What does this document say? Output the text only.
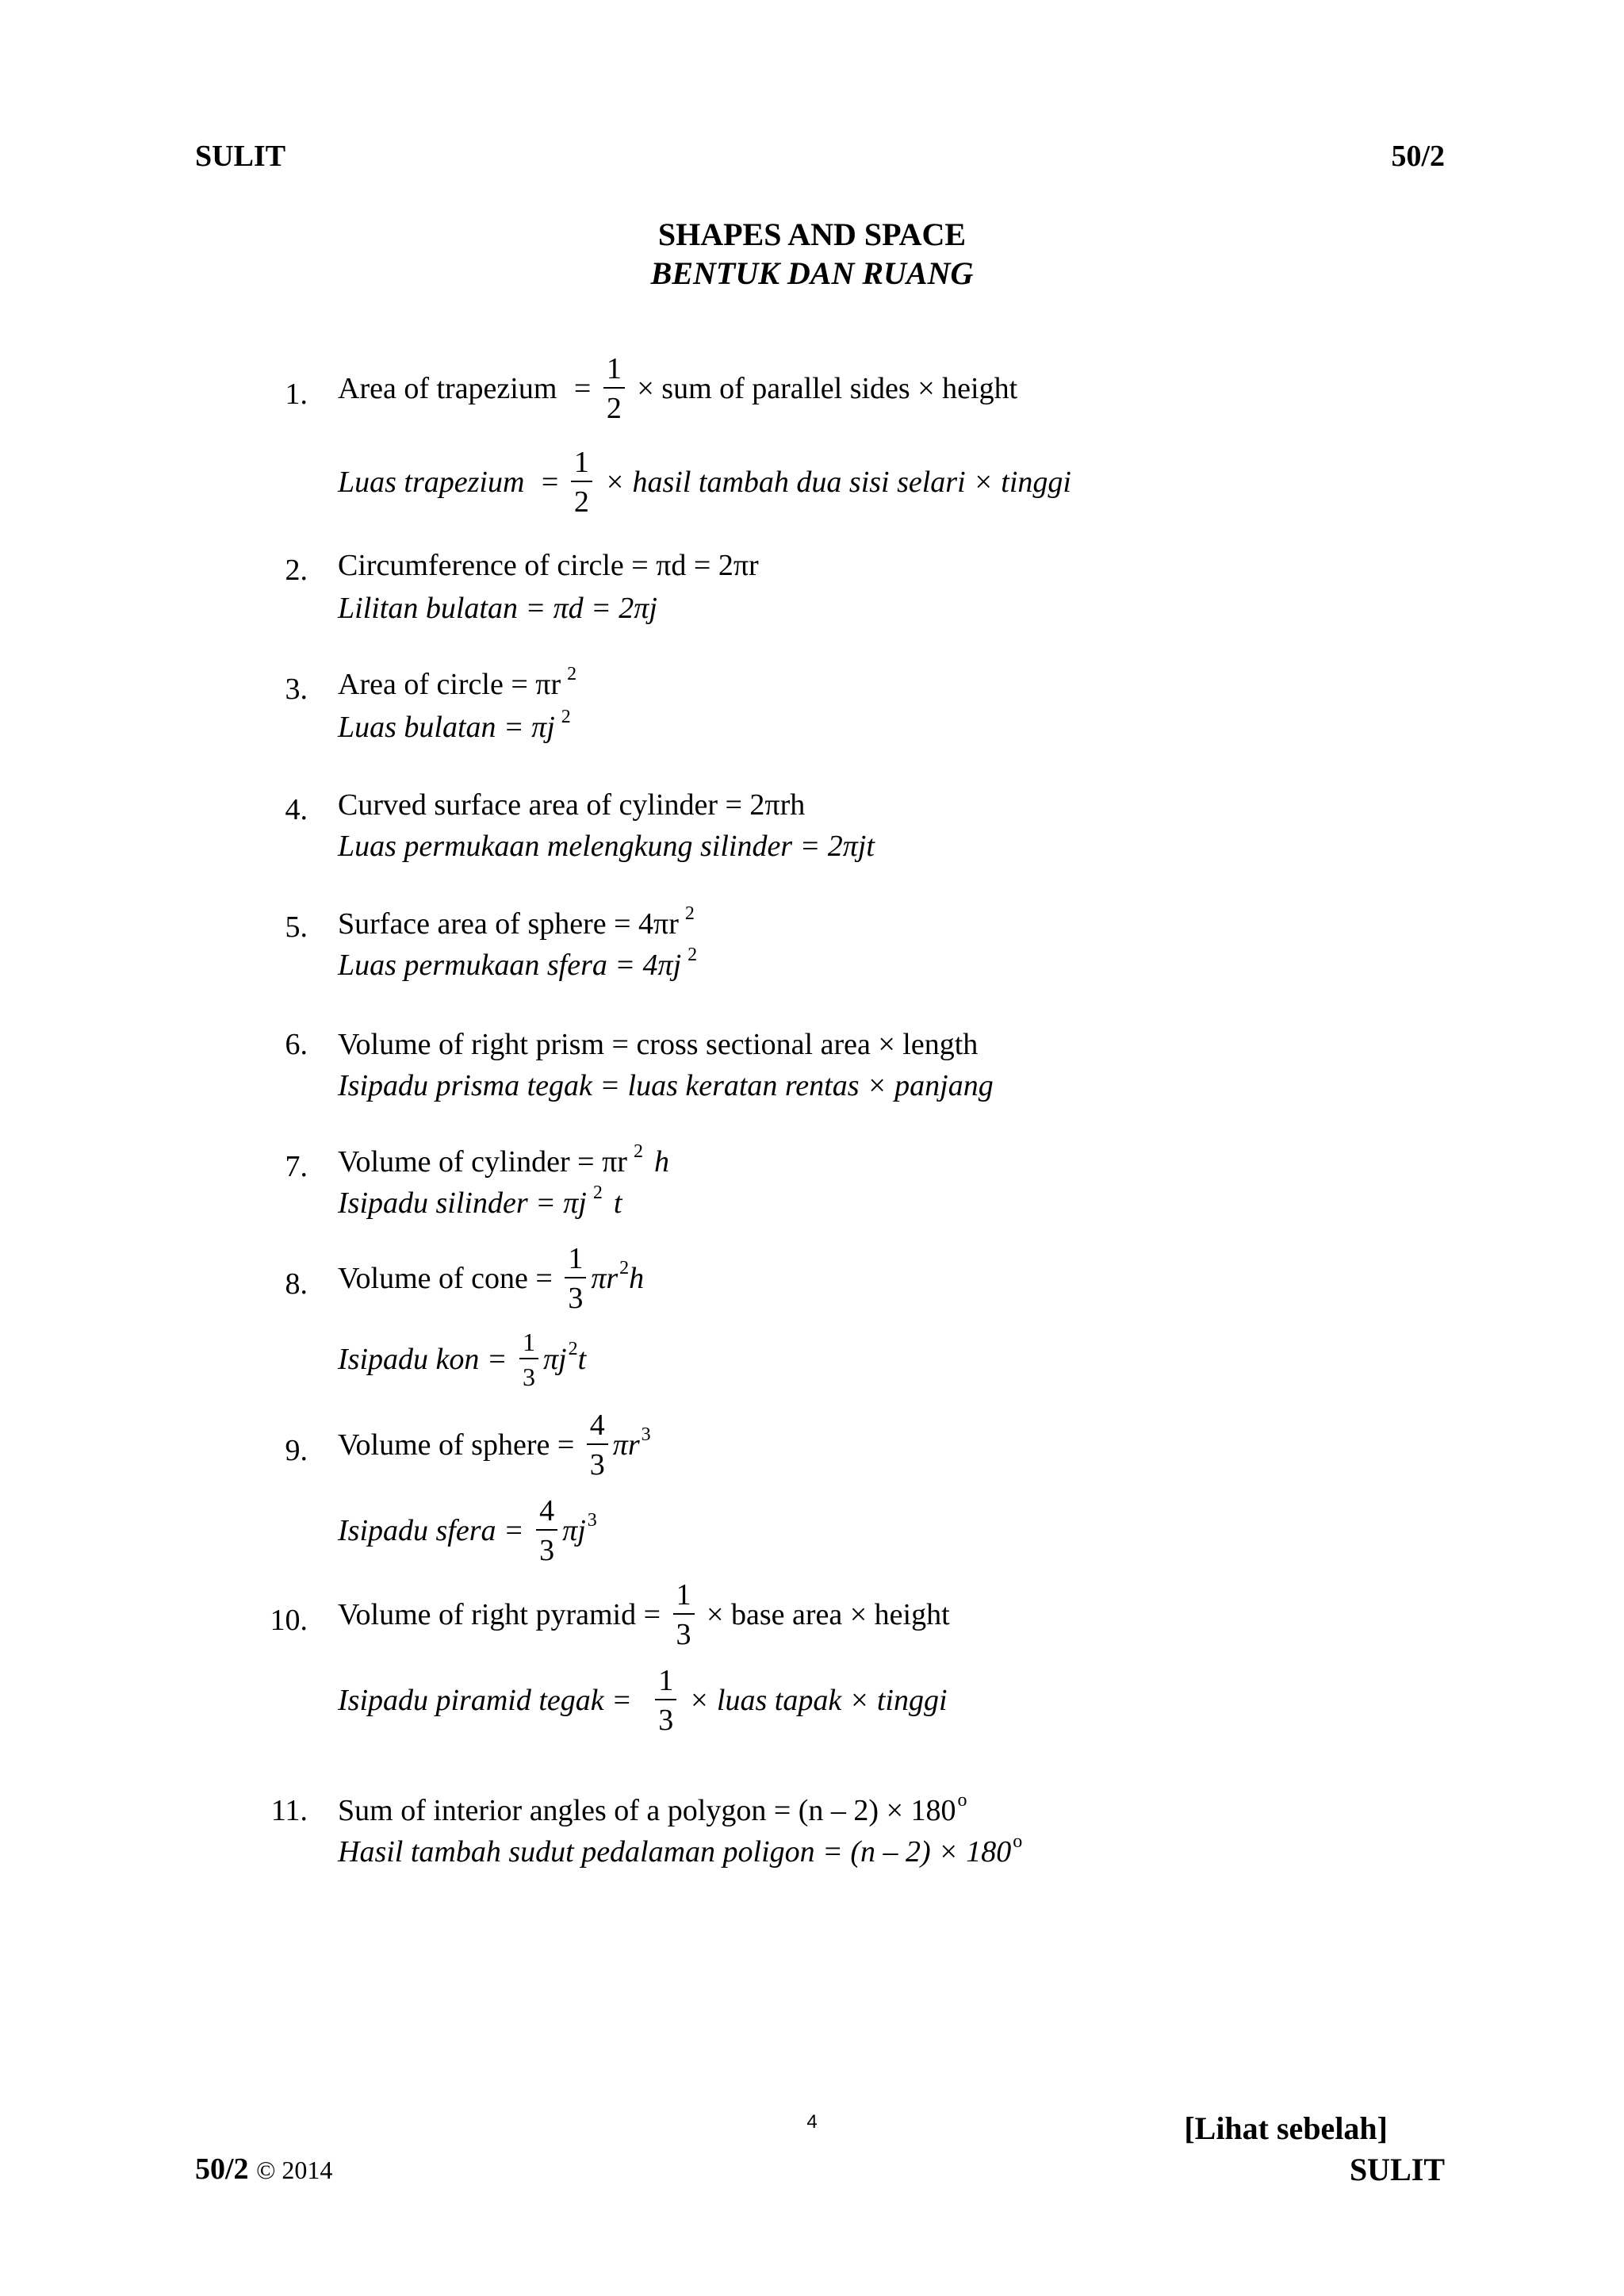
SULIT	50/2
SHAPES AND SPACE
BENTUK DAN RUANG
1. Area of trapezium = $\frac{1}{2}$ × sum of parallel sides × height
Luas trapezium = $\frac{1}{2}$ × hasil tambah dua sisi selari × tinggi
2. Circumference of circle = πd = 2πr
Lilitan bulatan = πd = 2πj
3. Area of circle = πr $^2$
Luas bulatan = πj $^2$
4. Curved surface area of cylinder = 2πrh
Luas permukaan melengkung silinder = 2πjt
5. Surface area of sphere = 4πr $^2$
Luas permukaan sfera = 4πj $^2$
6. Volume of right prism = cross sectional area × length
Isipadu prisma tegak = luas keratan rentas × panjang
7. Volume of cylinder = πr $^2$ h
Isipadu silinder = πj $^2$ t
8. Volume of cone = $\frac{1}{3} \pi r^2h$
Isipadu kon = $\frac{1}{3} \pi j^2t$
9. Volume of sphere = $\frac{4}{3} \pi r^3$
Isipadu sfera = $\frac{4}{3} \pi j^3$
10. Volume of right pyramid = $\frac{1}{3}$ × base area × height
Isipadu piramid tegak = $\frac{1}{3}$ × luas tapak × tinggi
11. Sum of interior angles of a polygon = $(n - 2) \times 180^o$
Hasil tambah sudut pedalaman poligon = $(n - 2) \times 180^o$
4	[Lihat sebelah]
50/2 © 2014	SULIT
